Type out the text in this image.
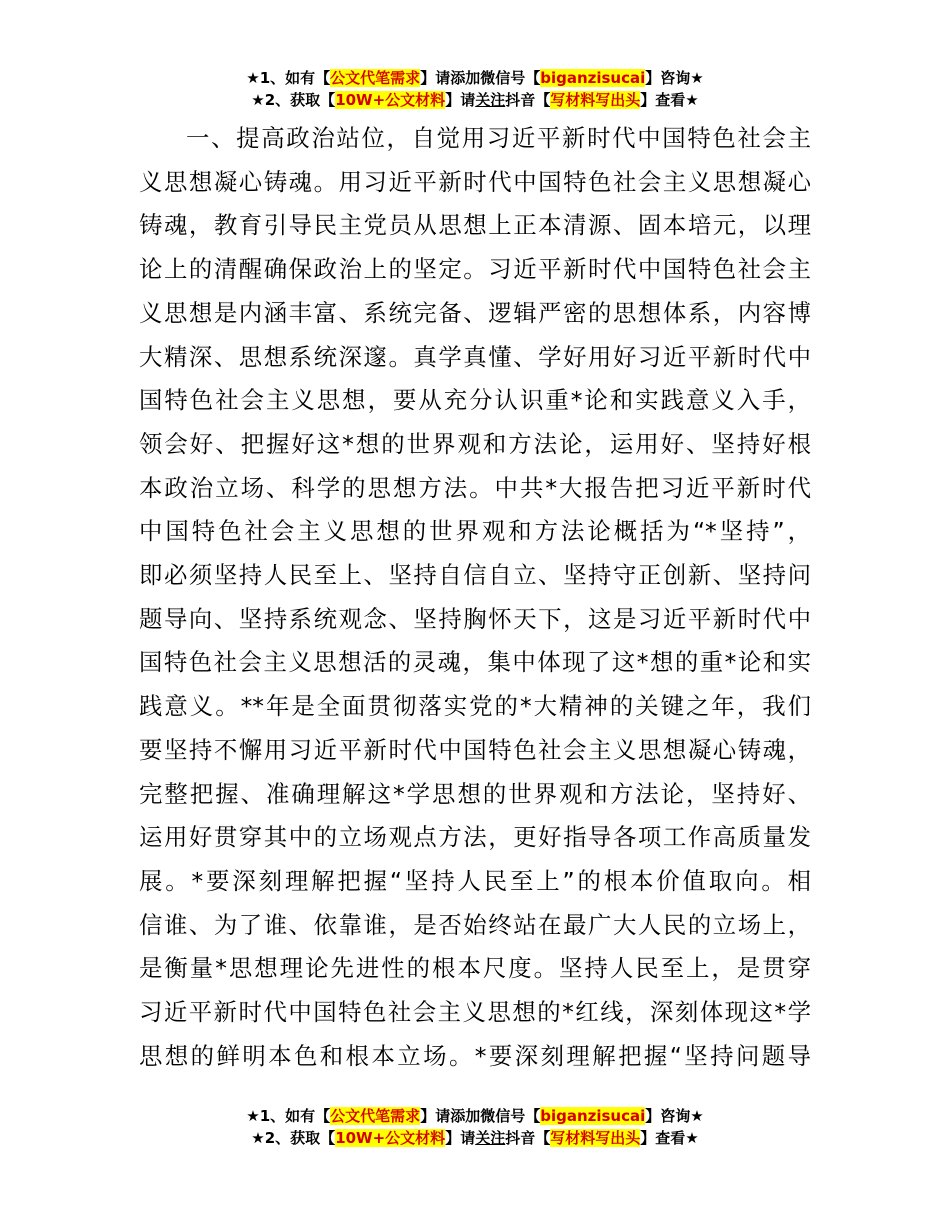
★1、如有【公文代笔需求】请添加微信号【biganzisucai】咨询★
★2、获取【10W+公文材料】请关注抖音【写材料写出头】查看★
一、提高政治站位，自觉用习近平新时代中国特色社会主
义思想凝心铸魂。用习近平新时代中国特色社会主义思想凝心
铸魂，教育引导民主党员从思想上正本清源、固本培元，以理
论上的清醒确保政治上的坚定。习近平新时代中国特色社会主
义思想是内涵丰富、系统完备、逻辑严密的思想体系，内容博
大精深、思想系统深邃。真学真懂、学好用好习近平新时代中
国特色社会主义思想，要从充分认识重*论和实践意义入手，
领会好、把握好这*想的世界观和方法论，运用好、坚持好根
本政治立场、科学的思想方法。中共*大报告把习近平新时代
中国特色社会主义思想的世界观和方法论概括为“*坚持”，
即必须坚持人民至上、坚持自信自立、坚持守正创新、坚持问
题导向、坚持系统观念、坚持胸怀天下，这是习近平新时代中
国特色社会主义思想活的灵魂，集中体现了这*想的重*论和实
践意义。**年是全面贯彻落实党的*大精神的关键之年，我们
要坚持不懈用习近平新时代中国特色社会主义思想凝心铸魂，
完整把握、准确理解这*学思想的世界观和方法论，坚持好、
运用好贯穿其中的立场观点方法，更好指导各项工作高质量发
展。*要深刻理解把握“坚持人民至上”的根本价值取向。相
信谁、为了谁、依靠谁，是否始终站在最广大人民的立场上，
是衡量*思想理论先进性的根本尺度。坚持人民至上，是贯穿
习近平新时代中国特色社会主义思想的*红线，深刻体现这*学
思想的鲜明本色和根本立场。*要深刻理解把握“坚持问题导
★1、如有【公文代笔需求】请添加微信号【biganzisucai】咨询★
★2、获取【10W+公文材料】请关注抖音【写材料写出头】查看★
